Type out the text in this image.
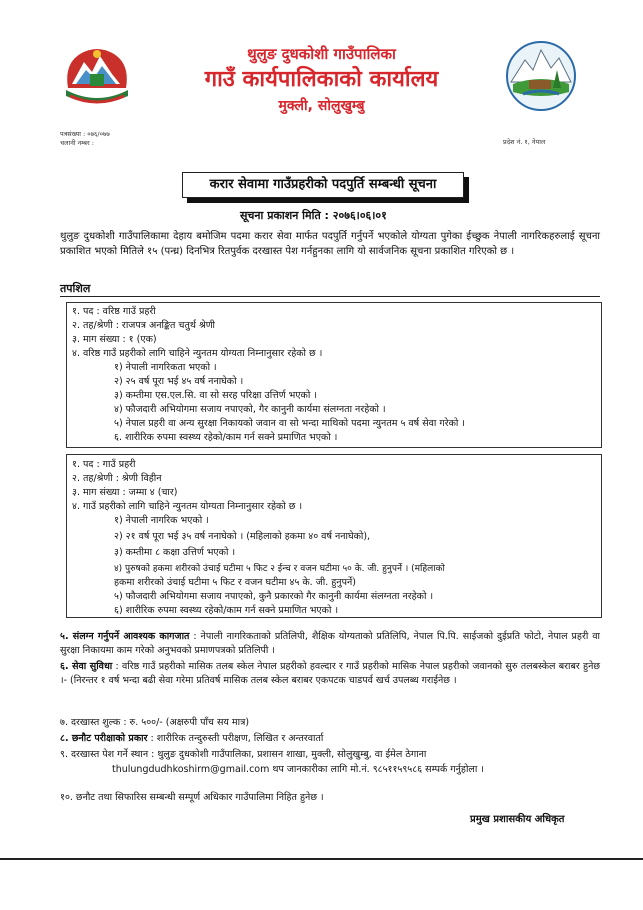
थुलुङ दुधकोशी गाउँपालिका
गाउँ कार्यपालिकाको कार्यालय
मुक्ली, सोलुखुम्बु
पत्रसंख्या : ०७६/०७७
चलानी नम्बर :	प्रदेश नं. १, नेपाल
करार सेवामा गाउँप्रहरीको पदपुर्ति सम्बन्धी सूचना
सूचना प्रकाशन मिति : २०७६।०६।०१
थुलुङ दुधकोशी गाउँपालिकामा देहाय बमोजिम पदमा करार सेवा मार्फत पदपुर्ति गर्नुपर्ने भएकोले योग्यता पुगेका ईच्छुक नेपाली नागरिकहरुलाई सूचना प्रकाशित भएको मितिले १५ (पन्ध्र) दिनभित्र रितपुर्वक दरखास्त पेश गर्नहुनका लागि यो सार्वजनिक सूचना प्रकाशित गरिएको छ ।
तपशिल
१. पद : वरिष्ठ गाउँ प्रहरी
२. तह/श्रेणी : राजपत्र अनङ्कित चतुर्थ श्रेणी
३. माग संख्या : १ (एक)
४. वरिष्ठ गाउँ प्रहरीको लागि चाहिने न्युनतम योग्यता निम्नानुसार रहेको छ ।
१) नेपाली नागरिकता भएको ।
२) २५ वर्ष पूरा भई ४५ वर्ष ननाघेको ।
३) कम्तीमा एस.एल.सि. वा सो सरह परिक्षा उत्तिर्ण भएको ।
४) फौजदारी अभियोगमा सजाय नपाएको, गैर कानुनी कार्यमा संलग्नता नरहेको ।
५) नेपाल प्रहरी वा अन्य सुरक्षा निकायको जवान वा सो भन्दा माथिको पदमा न्युनतम ५ वर्ष सेवा गरेको ।
६. शारीरिक रुपमा स्वस्थ्य रहेको/काम गर्न सक्ने प्रमाणित भएको ।
१. पद : गाउँ प्रहरी
२. तह/श्रेणी : श्रेणी विहीन
३. माग संख्या : जम्मा ४ (चार)
४. गाउँ प्रहरीको लागि चाहिने न्युनतम योग्यता निम्नानुसार रहेको छ ।
१) नेपाली नागरिक भएको ।
२) २१ वर्ष पूरा भई ३५ वर्ष ननाघेको । (महिलाको हकमा ४० वर्ष ननाघेको),
३) कम्तीमा ८ कक्षा उत्तिर्ण भएको ।
४) पुरुषको हकमा शरीरको उंचाई घटीमा ५ फिट २ ईन्च र वजन घटीमा ५० के. जी. हुनुपर्ने । (महिलाको
हकमा शरीरको उंचाई घटीमा ५ फिट र वजन घटीमा ४५ के. जी. हुनुपर्ने)
५) फौजदारी अभियोगमा सजाय नपाएको, कुनै प्रकारको गैर कानुनी कार्यमा संलग्नता नरहेको ।
६) शारीरिक रुपमा स्वस्थ्य रहेको/काम गर्न सक्ने प्रमाणित भएको ।
५. संलग्न गर्नुपर्ने आवश्यक कागजात : नेपाली नागरिकताको प्रतिलिपी, शैक्षिक योग्यताको प्रतिलिपि, नेपाल पि.पि. साईजको दुईप्रति फोटो, नेपाल प्रहरी वा सुरक्षा निकायमा काम गरेको अनुभवको प्रमाणपत्रको प्रतिलिपी ।
६. सेवा सुविधा : वरिष्ठ गाउँ प्रहरीको मासिक तलब स्केल नेपाल प्रहरीको हवल्दार र गाउँ प्रहरीको मासिक नेपाल प्रहरीको जवानको सुरु तलबस्केल बराबर हुनेछ ।- (निरन्तर १ वर्ष भन्दा बढी सेवा गरेमा प्रतिवर्ष मासिक तलब स्केल बराबर एकपटक चाडपर्व खर्च उपलब्ध गराईनेछ ।
७. दरखास्त शुल्क : रु. ५००/- (अक्षरुपी पाँच सय मात्र)
८. छनौट परीक्षाको प्रकार : शारीरिक तन्दुरुस्ती परीक्षण, लिखित र अन्तरवार्ता
९. दरखास्त पेश गर्ने स्थान : थुलुङ दुधकोशी गाउँपालिका, प्रशासन शाखा, मुक्ली, सोलुखुम्बु, वा ईमेल ठेगाना
thulungdudhkoshirm@gmail.com थप जानकारीका लागि मो.नं. ९८५११५९५८६ सम्पर्क गर्नुहोला ।
१०. छनौट तथा सिफारिस सम्बन्धी सम्पूर्ण अधिकार गाउँपालिमा निहित हुनेछ ।
प्रमुख प्रशासकीय अधिकृत
